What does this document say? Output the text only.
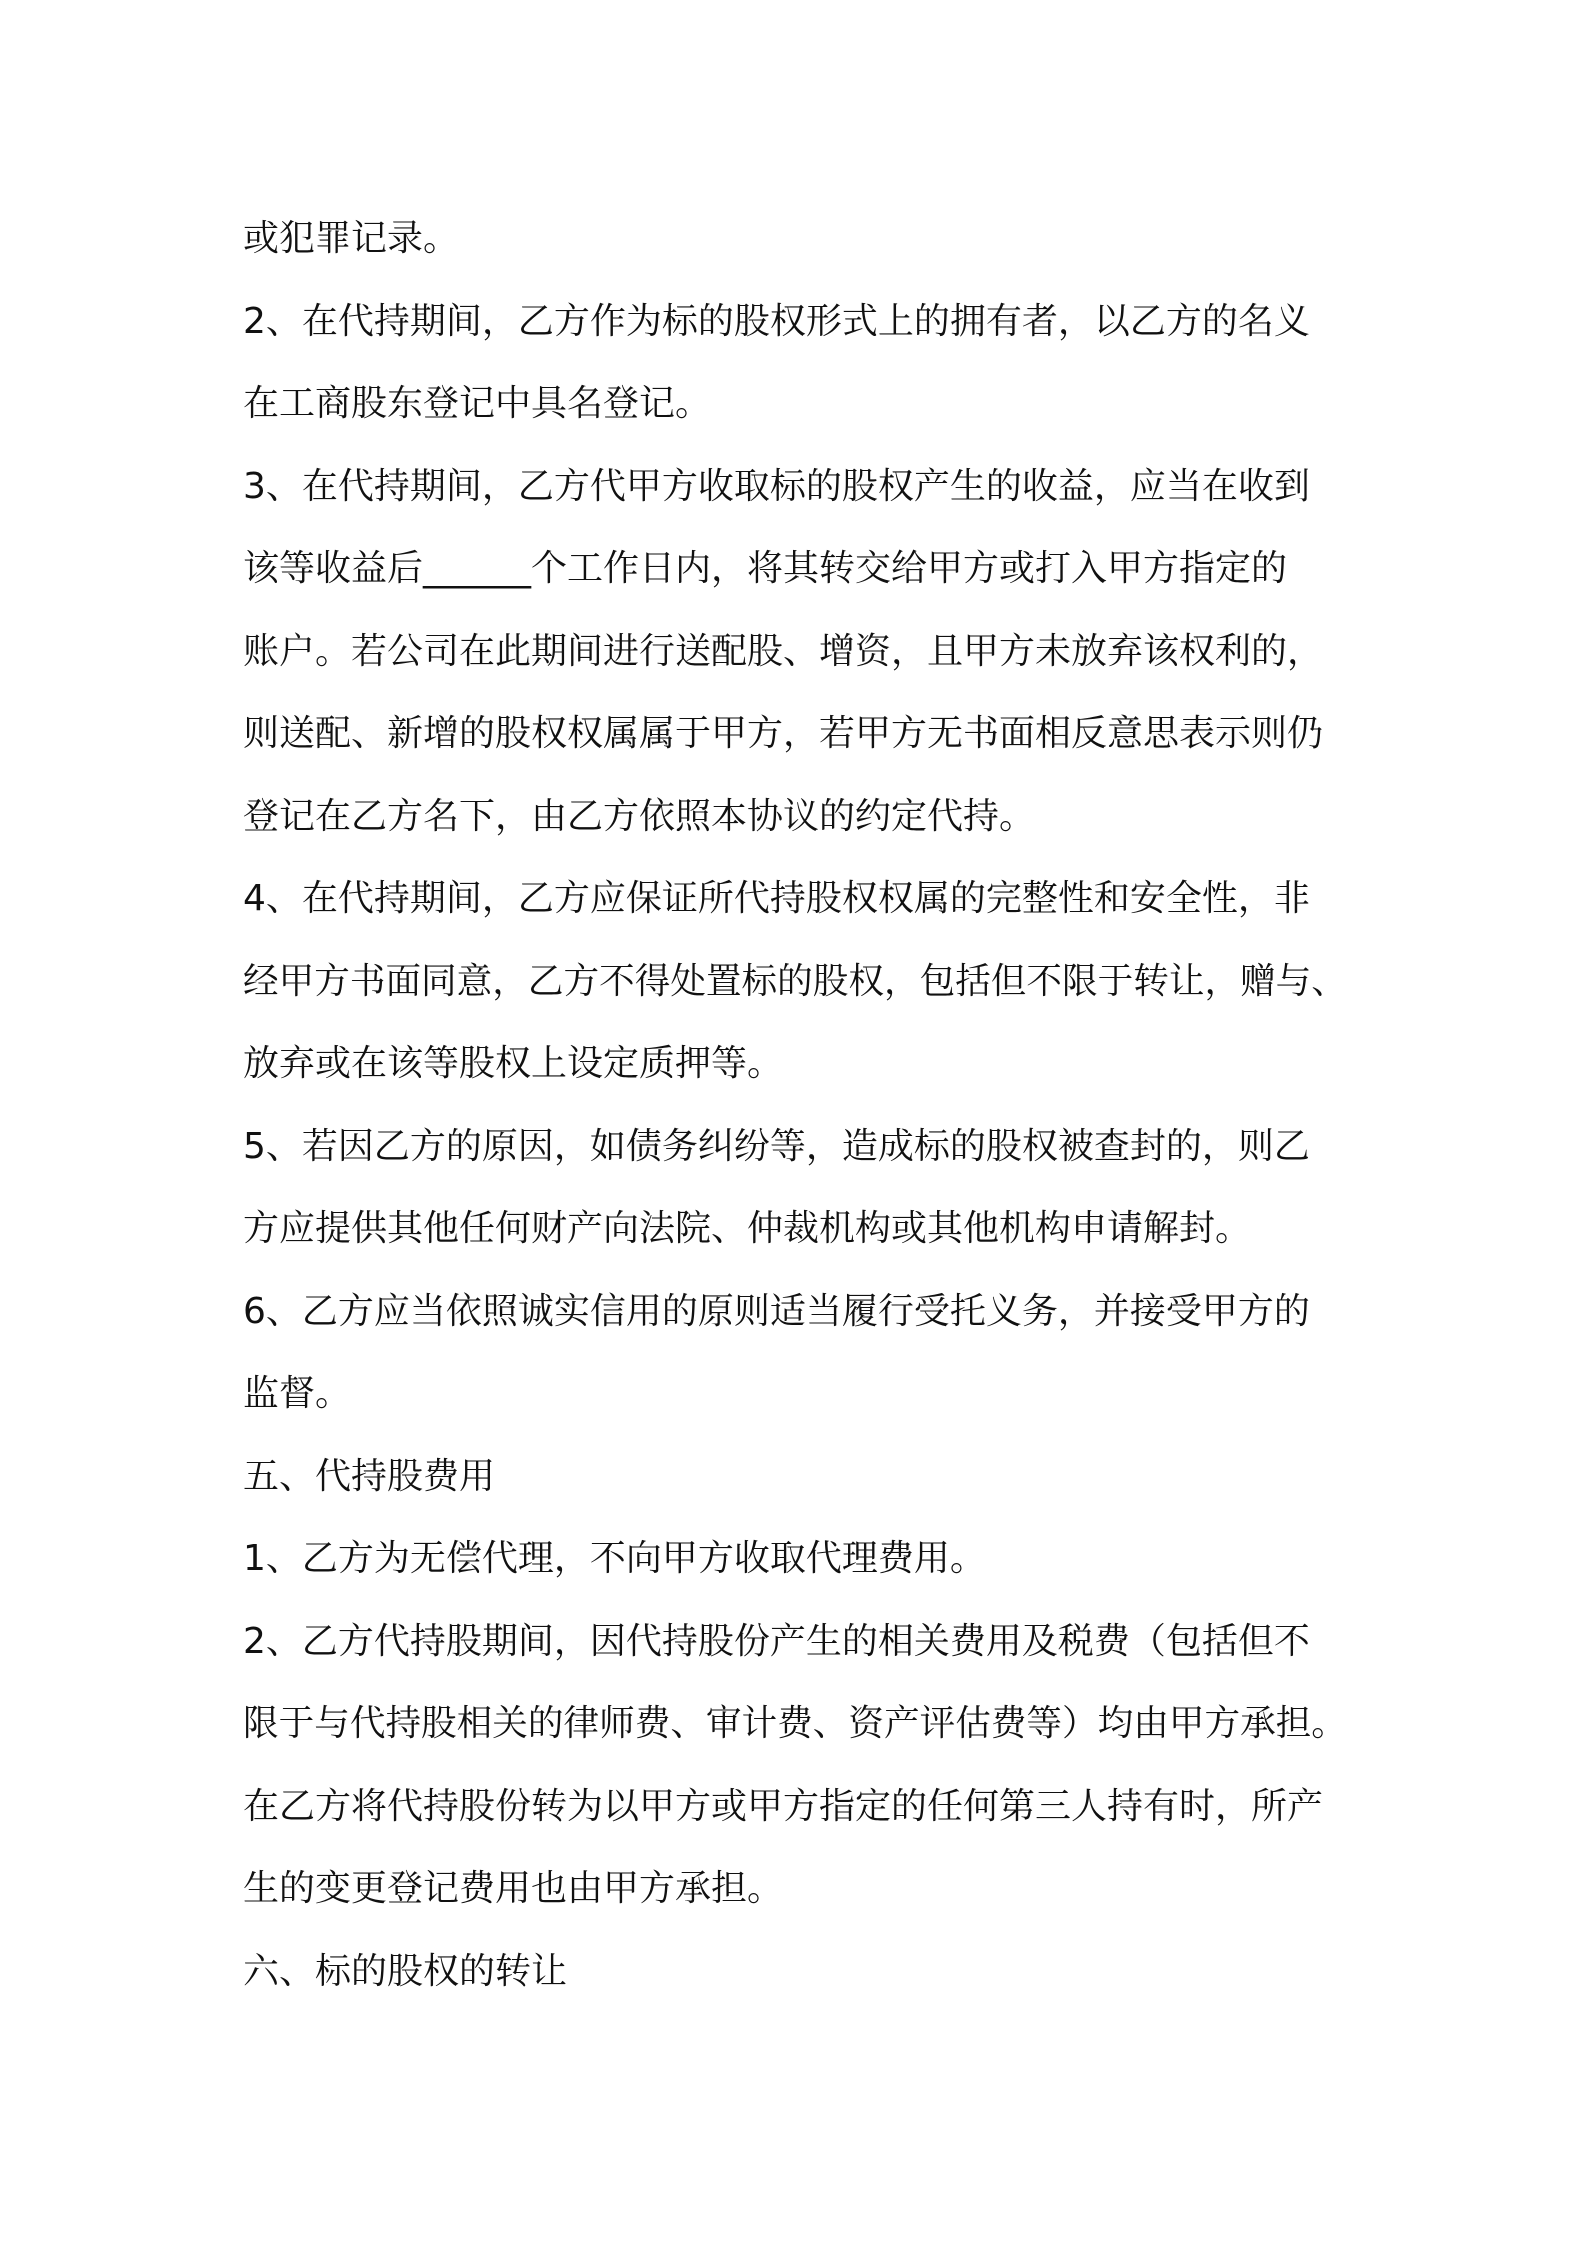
或犯罪记录。
2、在代持期间，乙方作为标的股权形式上的拥有者，以乙方的名义
在工商股东登记中具名登记。
3、在代持期间，乙方代甲方收取标的股权产生的收益，应当在收到
该等收益后______个工作日内，将其转交给甲方或打入甲方指定的
账户。若公司在此期间进行送配股、增资，且甲方未放弃该权利的，
则送配、新增的股权权属属于甲方，若甲方无书面相反意思表示则仍
登记在乙方名下，由乙方依照本协议的约定代持。
4、在代持期间，乙方应保证所代持股权权属的完整性和安全性，非
经甲方书面同意，乙方不得处置标的股权，包括但不限于转让，赠与、
放弃或在该等股权上设定质押等。
5、若因乙方的原因，如债务纠纷等，造成标的股权被查封的，则乙
方应提供其他任何财产向法院、仲裁机构或其他机构申请解封。
6、乙方应当依照诚实信用的原则适当履行受托义务，并接受甲方的
监督。
五、代持股费用
1、乙方为无偿代理，不向甲方收取代理费用。
2、乙方代持股期间，因代持股份产生的相关费用及税费（包括但不
限于与代持股相关的律师费、审计费、资产评估费等）均由甲方承担。
在乙方将代持股份转为以甲方或甲方指定的任何第三人持有时，所产
生的变更登记费用也由甲方承担。
六、标的股权的转让
